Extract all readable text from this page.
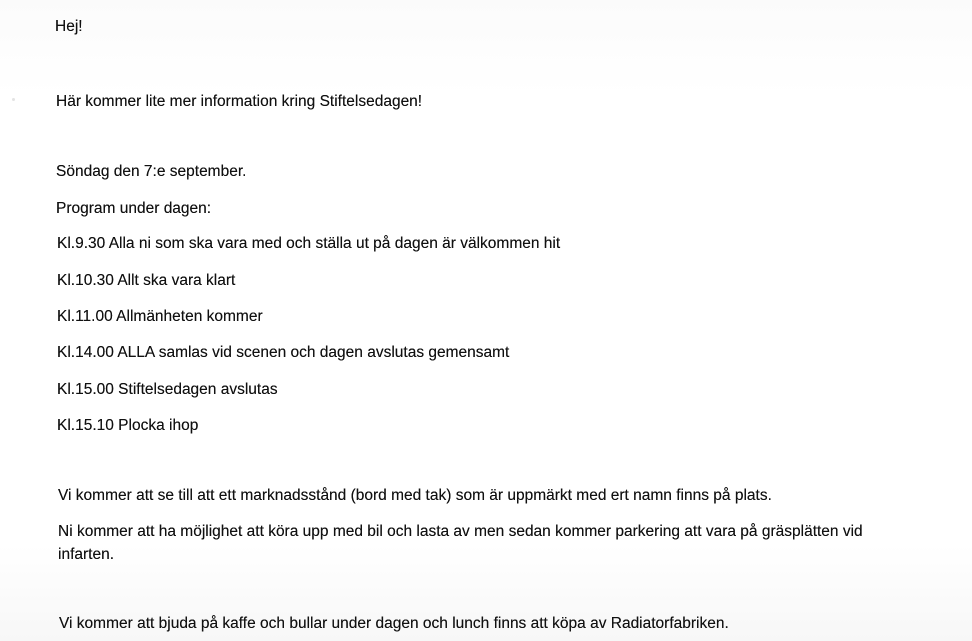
Hej!
Här kommer lite mer information kring Stiftelsedagen!
Söndag den 7:e september.
Program under dagen:
Kl.9.30 Alla ni som ska vara med och ställa ut på dagen är välkommen hit
Kl.10.30 Allt ska vara klart
Kl.11.00 Allmänheten kommer
Kl.14.00 ALLA samlas vid scenen och dagen avslutas gemensamt
Kl.15.00 Stiftelsedagen avslutas
Kl.15.10 Plocka ihop
Vi kommer att se till att ett marknadsstånd (bord med tak) som är uppmärkt med ert namn finns på plats.
Ni kommer att ha möjlighet att köra upp med bil och lasta av men sedan kommer parkering att vara på gräsplätten vid
infarten.
Vi kommer att bjuda på kaffe och bullar under dagen och lunch finns att köpa av Radiatorfabriken.
